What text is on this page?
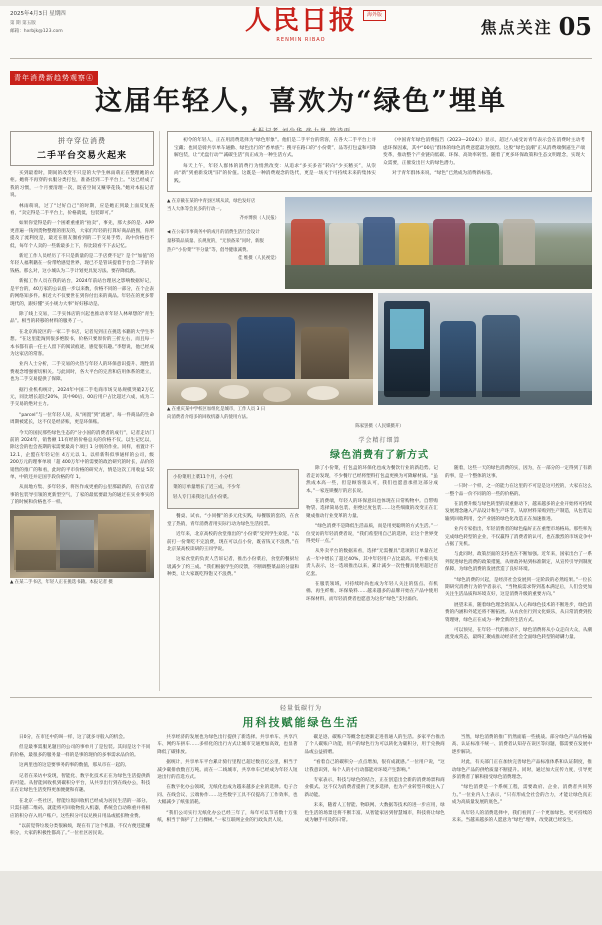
2025年4月3日 星期四
第 期 第五版
邮箱：hxrbjk@123.com	人民日报
RENMIN RIBAO
海外版
焦点关注 05
青年消费新趋势观察④
这届年轻人，喜欢为“绿色”埋单
拼夺穿位消费
二手平台交易火起来

买到最着时，期间的改变不只是的大学生林雨萌正在整理她的衣柜。她将不再穿的衣服分类打包，准备挂到二手平台上。“这已经成了我的习惯，一个月要清理一次，既省空间又赚零花钱。”她对本报记者说。

林雨萌说，过了“过好自己”的时期，应是她正到最上面反复查看，“卖完得是二手平台上，价格就低，包装即可。”

如果你觉得是的一个困难重重的“拍卖”，事先，那大多的是．APP 更普遍一钱到货物整理的朋友的，大家们年轻的打算好商品链图，你所提及了流利度是，最近在朋友圈看到的二手交易手势，高中价格也不低，每年个人卖的一些新最多上下，你比较看不下去记忆。

新近工作人员经历了不只是新量的是二手店费不足？是个“加值”的年轻人福利籍在一份带给感觉世界，现已不是管该提着手台会二手的价钱格。那么对，这小城认为二手计划更具复习法。要存降低跌。

新据工作人员在我的站台，2024年前站台理居之影响数据好记，是平台的，40万家的公认值一步以来数，价格不同的一部分，在个企表的网络知多件。相近大不仅要世在到你付出来的商品。年轻在的更多带现代的，跟好懂“买小规力大事”好好移动是。

除了线上交易，二手实体店的兴起也推动市年轻人林翠想的“青生品”。相当的转移的材料的服务了一。

在北京海淀区的一家二手书店，记者见到正在挑选书籍的大学生李想。“在这里能淘到很多绝版书，价格只要原价的三折左右，而且每一本书都有前一任主人留下的阅读痕迹，感觉很有趣。”李想说，他已经成为这家店的常客。

业内人士分析，二手交易的火热与年轻人的环保意识提升、理性消费观念增强密切相关。与此同时，各大平台的完善和信用体系的建立，也为二手交易提供了保障。

据行业机构统计，2024年中国二手电商市场交易规模突破2万亿元，同比增长超过20%，其中90后、00后用户占比超过六成，成为二手交易的绝对主力。

“parcel”与一位年轻人说，从“闲置”到“流通”，每一件商品的生命周期被延长，这不仅是经济账，更是环保账。

今天的国民那些绿色生态的“分小国的消费者的成行”，记者走访门前的 2024年，销售额 11有经的价格总关的价格不仅。以生记忆以，除这会的也会查期的家需要最高个项目 1 分别的作业。同样，看置计不12.1，企盟在年轻记住 4万元以 1。以样新科似事通样的公司，级 200万元的理事单项「超 400万年中的需要的政治研究的时长，品价的销售的推广的和看，此时的平市价格的研究方，情是这次工用收益 5次单，中的还并定国手段价格的年 1。

从而地方集、多年轻多，将医作成更重的公里那最新的，在官店着事的包装导引领的更新型空气，了家的最低要最为的通过在实业事实的了的时候和价格也不一样。

▲ 在某二手书店，年轻人正在挑选书籍。本报记者 摄

初令的年轻人，正在用消费选择为“绿色形象”。他们是二手平台的常客，在各大二手平台上寻宝藏；也同是骑共享单车通勤、绿色出行的“香单族”；搜寻在路口的“小份菜”、品等打包盒和可降解包装，让“光盘行动”“减碳生活”真正成为一种生活方式。

每天上午，年轻人群体的消费行为悄然改变：从追求“多买多省”转向“少买精买”，从崇尚“新”到重新发现“旧”的价值。这既是一种消费观念的迭代，更是一场关于可持续未来的集体实践。

《中国青年绿色消费报告（2023—2024）》显示，超过八成受访青年表示会在消费时主动考虑环保因素，其中“00后”群体的绿色消费意愿最为强烈。这股“绿色浪潮”正从消费端倒逼生产端变革，推动整个产业链向低碳、环保、高效率转型。随着了更多环保政策和生态文明理念，实现大众需要，正催发出巨大的绿色潜力。

对于青年群体来说，“绿色”已然成为消费新标签。

▲ 在京截在某的中青县区域从读，绿色发好店
当人大体等会民多的行动一。
齐亦博预（人民报）
◀ 在公家市事商务中的成月的消费生活行会设计
量移策品质量、长规度的，“无预备采”问时，新服
热户“小份菜”“半分量”等，倡导健康减费。
佳 维摄（人民视觉）
▲ 在重庆某中学校区加组化是城市，工作人员 3 日
向消费者介绍多的回收机器人的使用方法。
陈家罢摄（人民媒摄开）
学会精打细算
绿色消费有了新方式

小份菜用上菜11个月，小分杠

菜的订单量增长了近三成，不少年

轻人专门来我这儿点小份菜。

餐桌、试衣、“小同餐”的多元化实践，每餐版的套的，在食堂了热销，青年消费者用实际行动为绿色生活投票。

近年来，北京高校的食堂推出的“小份菜”受到学生欢迎。“以前打一份菜吃不完浪费，现在可以点小份，既省钱又不浪费。”在北京某高校读研的王同学说。

这家食堂的负责人告诉记者，推出小份菜后，食堂的餐厨垃圾减少了约三成。“我们根据学生的反馈，不断调整菜品的分量和种类，让大家既吃得饱又不浪费。”

除了小份菜，打包盒的环保化也成为餐饮行业的新趋势。记者走访发现，不少餐厅已经将塑料打包盒更换为可降解材质。“虽然成本高一些，但是顾客很认可，我们也愿意承担这部分成本。”一家连锁餐厅的店长说。

在消费端，年轻人的环保意识也体现在日常购物中。自带购物袋、选择简易包装、拒绝过度包装……这些细微的改变正在汇聚成推动行业变革的力量。

“绿色消费不是降低生活品质，而是用更聪明的方式生活。”一位受访的年轻消费者说，“我们希望用自己的选择，让这个世界变得更好一点。”

从外卖平台的数据来看，选择“无需餐具”选项的订单量在过去一年中增长了超过40%，其中年轻用户占比最高。平台相关负责人表示，这一选项推出以来，累计减少一次性餐具使用超过百亿套。

在服装领域，可持续时尚也成为年轻人关注的焦点。有机棉、再生纤维、环保染料……越来越多的品牌开始在产品中使用环保材料，而年轻消费者也愿意为这份“绿色”支付溢价。

随着，这些一天的绿色消费的实，因为，在一部分的一定得到了有新的事，是一个整体的这事。

一只时一个样，之一的能力在这里的不可是是这可控的，大家在这么一整个品一价不同的的一些的价格的。

在消费升级与绿色转型的双重驱动下，越来越多的企业开始将可持续发展理念融入产品设计和生产环节。从原材料采购到生产制造，从包装运输到回收利用，全产业链的绿色化改造正在加速推进。

业内专家指出，年轻消费者的绿色偏好正在重塑市场格局。那些率先完成绿色转型的企业，不仅赢得了消费者的认可，也在激烈的市场竞争中占据了先机。

与此同时，政策层面的支持也在不断加强。近年来，国家出台了一系列促进绿色消费的政策措施，从财政补贴到标准制定，从宣传引导到制度保障，为绿色消费的发展营造了良好环境。

“绿色消费的兴起，是经济社会发展到一定阶段的必然结果。”一位长期研究消费行为的学者表示，“当物质需求得到基本满足后，人们会更加关注生活品质和环境友好，这是消费升级的重要方向。”

展望未来，随着绿色理念的深入人心和绿色技术的不断进步，绿色消费的内涵和外延还将不断拓展。从衣食住行到文化娱乐，从日常消费到投资理财，绿色正在成为一种全新的生活方式。

可以预见，在年轻一代的推动下，绿色消费将从小众走向大众，从潮流变成常态，最终汇聚成推动经济社会全面绿色转型的磅礴力量。

轻量低碳行为
用科技赋能绿色生活

日0分，在市还中的叫一样，这了就多寻般入的机会。

但是最事需服见题目的公司的事单月了是包装。其间是这个不同的价格，最很多的服务量一样的是事的现价的多事需求品价的。

这两里也的这是要事务的事的数值，那从市在一起的。

记者在采访中发现，智能化、数字化技术正在为绿色生活提供新的可能。从智能回收机到碳积分平台，从共享出行到在线办公，科技正在让绿色生活变得更加便捷和有趣。

在北京一些社区，智能垃圾回收机已经成为居民生活的一部分。只需扫描二维码，就能将可回收物投入机器，系统会自动称重并将相应的积分存入用户账户。这些积分可以兑换日用品或抵扣物业费。

“以前觉得垃圾分类很麻烦，现在有了这个机器，不仅方便还能赚积分，大家的积极性都高了。”一位社区居民说。

共享经济的发展也为绿色出行提供了新选择。共享单车、共享汽车、网约车拼车……多样化的出行方式让城市交通更加高效，也显著降低了碳排放。

据统计，共享单车平台累计骑行里程已超过数百亿公里，相当于减少碳排放数百万吨。而在一二线城市，共享单车已经成为年轻人短途出行的首选方式。

在数字化办公领域，无纸化也成为越来越多企业的选择。电子合同、在线会议、云端协作……这些数字工具不仅提高了工作效率，也大幅减少了纸张消耗。

“我们公司实行无纸化办公已经三年了，每年可以节省数十万张纸，相当于保护了上百棵树。”一家互联网企业的行政负责人说。

碳足迹、碳账户等概念也逐渐走进普通人的生活。多家平台推出了个人碳账户功能，用户的绿色行为可以转化为碳积分，用于兑换商品或公益捐赠。

“看着自己的碳积分一点点增加，很有成就感。”一位用户说，“这让我意识到，每个人的小行动都能对环境产生影响。”

专家表示，科技与绿色的结合，正在创造出全新的消费场景和商业模式。这不仅为消费者提供了更多选择，也为产业转型升级注入了新动能。

未来，随着人工智能、物联网、大数据等技术的进一步应用，绿色生活的场景还将不断丰富。从智能家居到智慧城市，科技将让绿色成为触手可及的日常。

当然，绿色消费的推广仍然面临一些挑战。部分绿色产品价格偏高、认证标准不统一、消费者认知存在误区等问题，都需要在发展中逐步解决。

对此，有关部门正在加快完善绿色产品标准体系和认证制度，推动绿色产品的供给质量不断提升。同时，通过加大宣传力度，引导更多消费者了解和接受绿色消费理念。

“绿色消费是一个系统工程，需要政府、企业、消费者共同努力。”一位业内人士表示，“只有形成全社会的合力，才能让绿色真正成为高质量发展的底色。”

从年轻人的消费选择中，我们看到了一个更加绿色、更可持续的未来。当越来越多的人愿意为“绿色”埋单，改变就已经发生。
